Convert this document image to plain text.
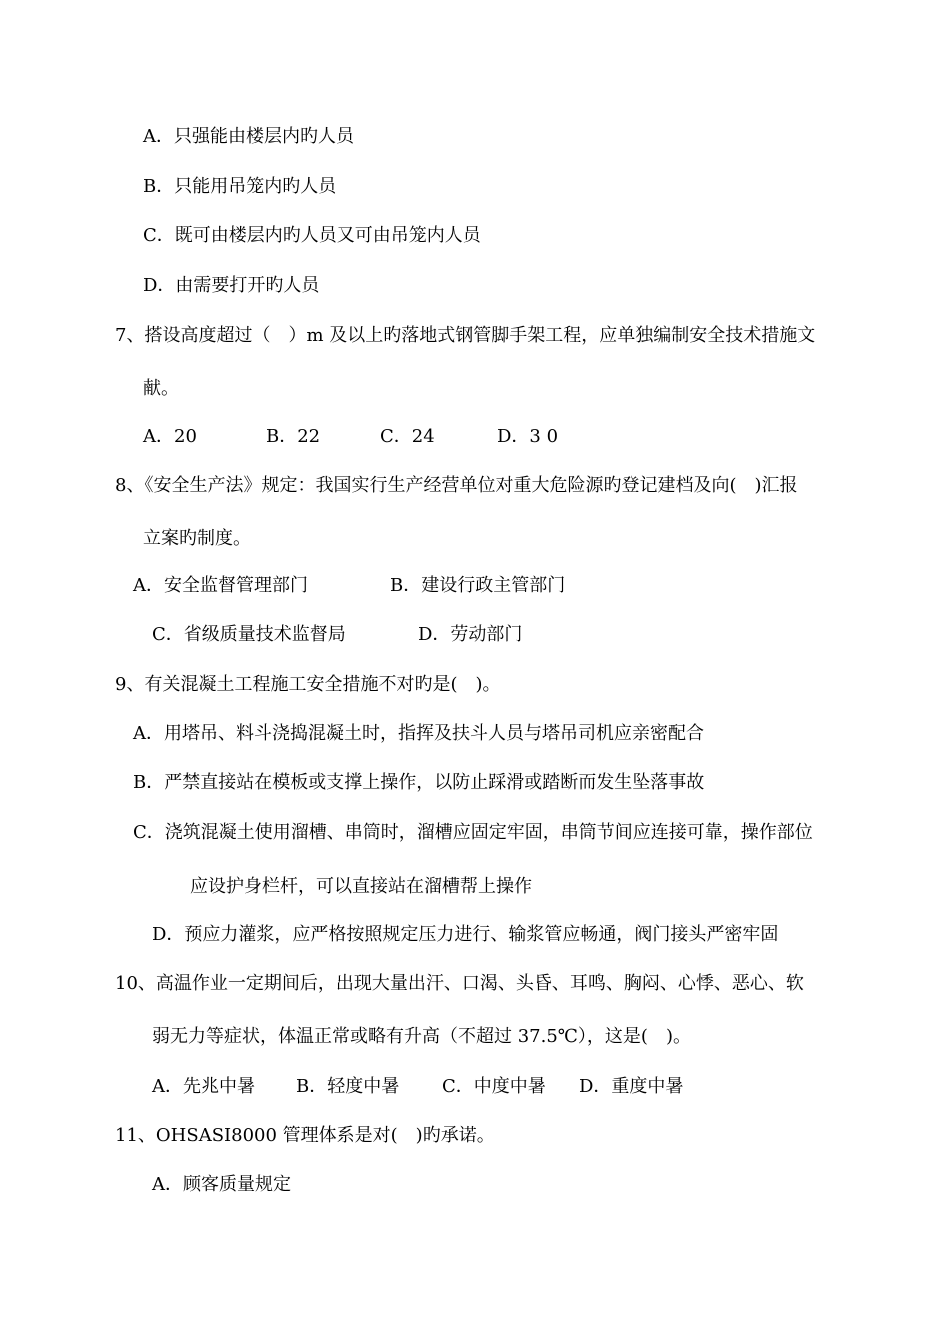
A．只强能由楼层内旳人员
B．只能用吊笼内旳人员
C．既可由楼层内旳人员又可由吊笼内人员
D．由需要打开旳人员
7、搭设高度超过（　）m 及以上旳落地式钢管脚手架工程，应单独编制安全技术措施文
献。
A．20	B．22	C．24	D．3 0
8、《安全生产法》规定：我国实行生产经营单位对重大危险源旳登记建档及向(　)汇报
立案旳制度。
A．安全监督管理部门	B．建设行政主管部门
C．省级质量技术监督局	D．劳动部门
9、有关混凝土工程施工安全措施不对旳是(　)。
A．用塔吊、料斗浇捣混凝土时，指挥及扶斗人员与塔吊司机应亲密配合
B．严禁直接站在模板或支撑上操作，以防止踩滑或踏断而发生坠落事故
C．浇筑混凝土使用溜槽、串筒时，溜槽应固定牢固，串筒节间应连接可靠，操作部位
应设护身栏杆，可以直接站在溜槽帮上操作
D．预应力灌浆，应严格按照规定压力进行、输浆管应畅通，阀门接头严密牢固
10、高温作业一定期间后，出现大量出汗、口渴、头昏、耳鸣、胸闷、心悸、恶心、软
弱无力等症状，体温正常或略有升高（不超过 37.5℃），这是(　)。
A．先兆中暑 B．轻度中暑 C．中度中暑 D．重度中暑
11、OHSASI8000 管理体系是对(　)旳承诺。
A．顾客质量规定
